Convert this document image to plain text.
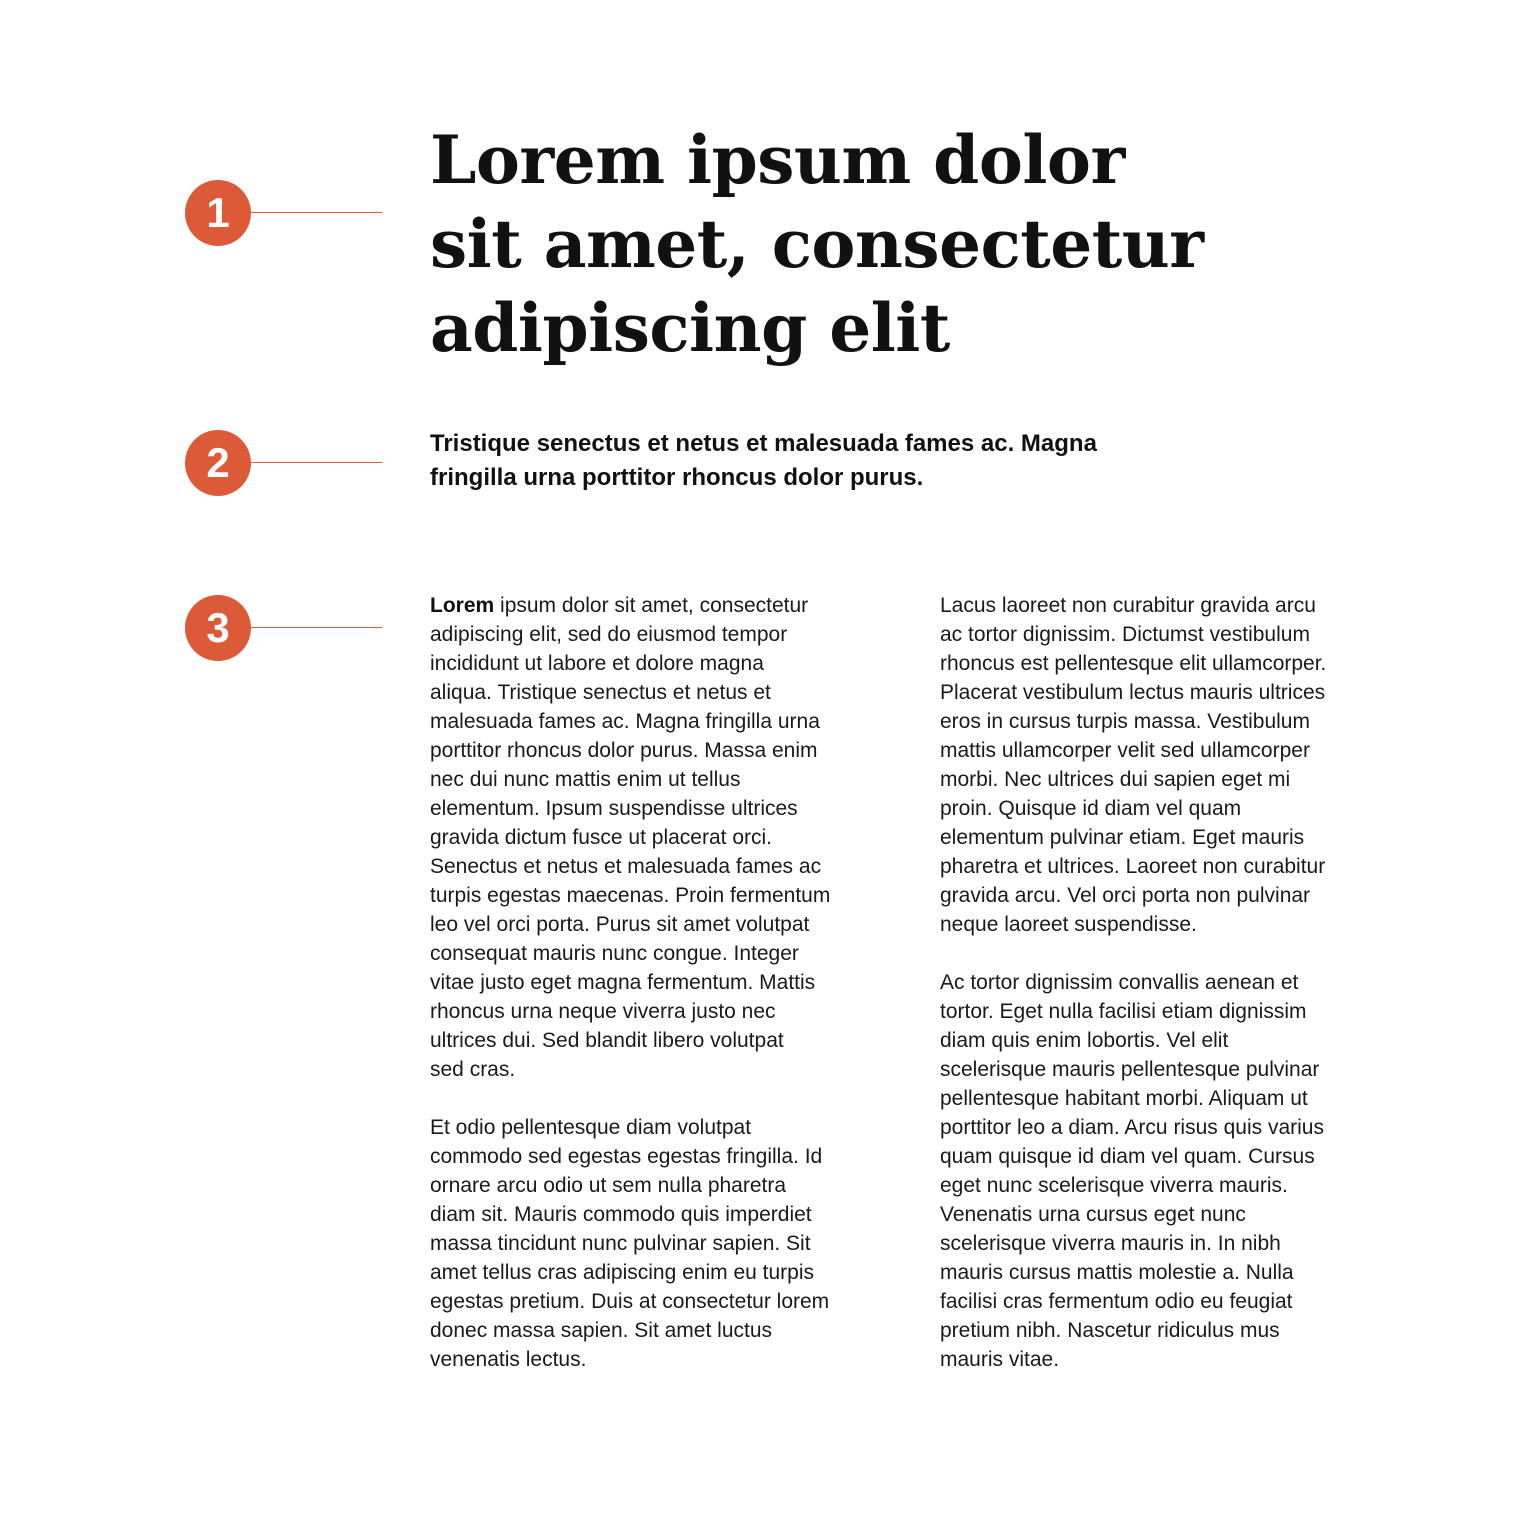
1
2
3
Lorem ipsum dolor
sit amet, consectetur
adipiscing elit

Tristique senectus et netus et malesuada fames ac. Magna
fringilla urna porttitor rhoncus dolor purus.

Lorem ipsum dolor sit amet, consectetur
adipiscing elit, sed do eiusmod tempor
incididunt ut labore et dolore magna
aliqua. Tristique senectus et netus et
malesuada fames ac. Magna fringilla urna
porttitor rhoncus dolor purus. Massa enim
nec dui nunc mattis enim ut tellus
elementum. Ipsum suspendisse ultrices
gravida dictum fusce ut placerat orci.
Senectus et netus et malesuada fames ac
turpis egestas maecenas. Proin fermentum
leo vel orci porta. Purus sit amet volutpat
consequat mauris nunc congue. Integer
vitae justo eget magna fermentum. Mattis
rhoncus urna neque viverra justo nec
ultrices dui. Sed blandit libero volutpat
sed cras.

Et odio pellentesque diam volutpat
commodo sed egestas egestas fringilla. Id
ornare arcu odio ut sem nulla pharetra
diam sit. Mauris commodo quis imperdiet
massa tincidunt nunc pulvinar sapien. Sit
amet tellus cras adipiscing enim eu turpis
egestas pretium. Duis at consectetur lorem
donec massa sapien. Sit amet luctus
venenatis lectus.

Lacus laoreet non curabitur gravida arcu
ac tortor dignissim. Dictumst vestibulum
rhoncus est pellentesque elit ullamcorper.
Placerat vestibulum lectus mauris ultrices
eros in cursus turpis massa. Vestibulum
mattis ullamcorper velit sed ullamcorper
morbi. Nec ultrices dui sapien eget mi
proin. Quisque id diam vel quam
elementum pulvinar etiam. Eget mauris
pharetra et ultrices. Laoreet non curabitur
gravida arcu. Vel orci porta non pulvinar
neque laoreet suspendisse.

Ac tortor dignissim convallis aenean et
tortor. Eget nulla facilisi etiam dignissim
diam quis enim lobortis. Vel elit
scelerisque mauris pellentesque pulvinar
pellentesque habitant morbi. Aliquam ut
porttitor leo a diam. Arcu risus quis varius
quam quisque id diam vel quam. Cursus
eget nunc scelerisque viverra mauris.
Venenatis urna cursus eget nunc
scelerisque viverra mauris in. In nibh
mauris cursus mattis molestie a. Nulla
facilisi cras fermentum odio eu feugiat
pretium nibh. Nascetur ridiculus mus
mauris vitae.
